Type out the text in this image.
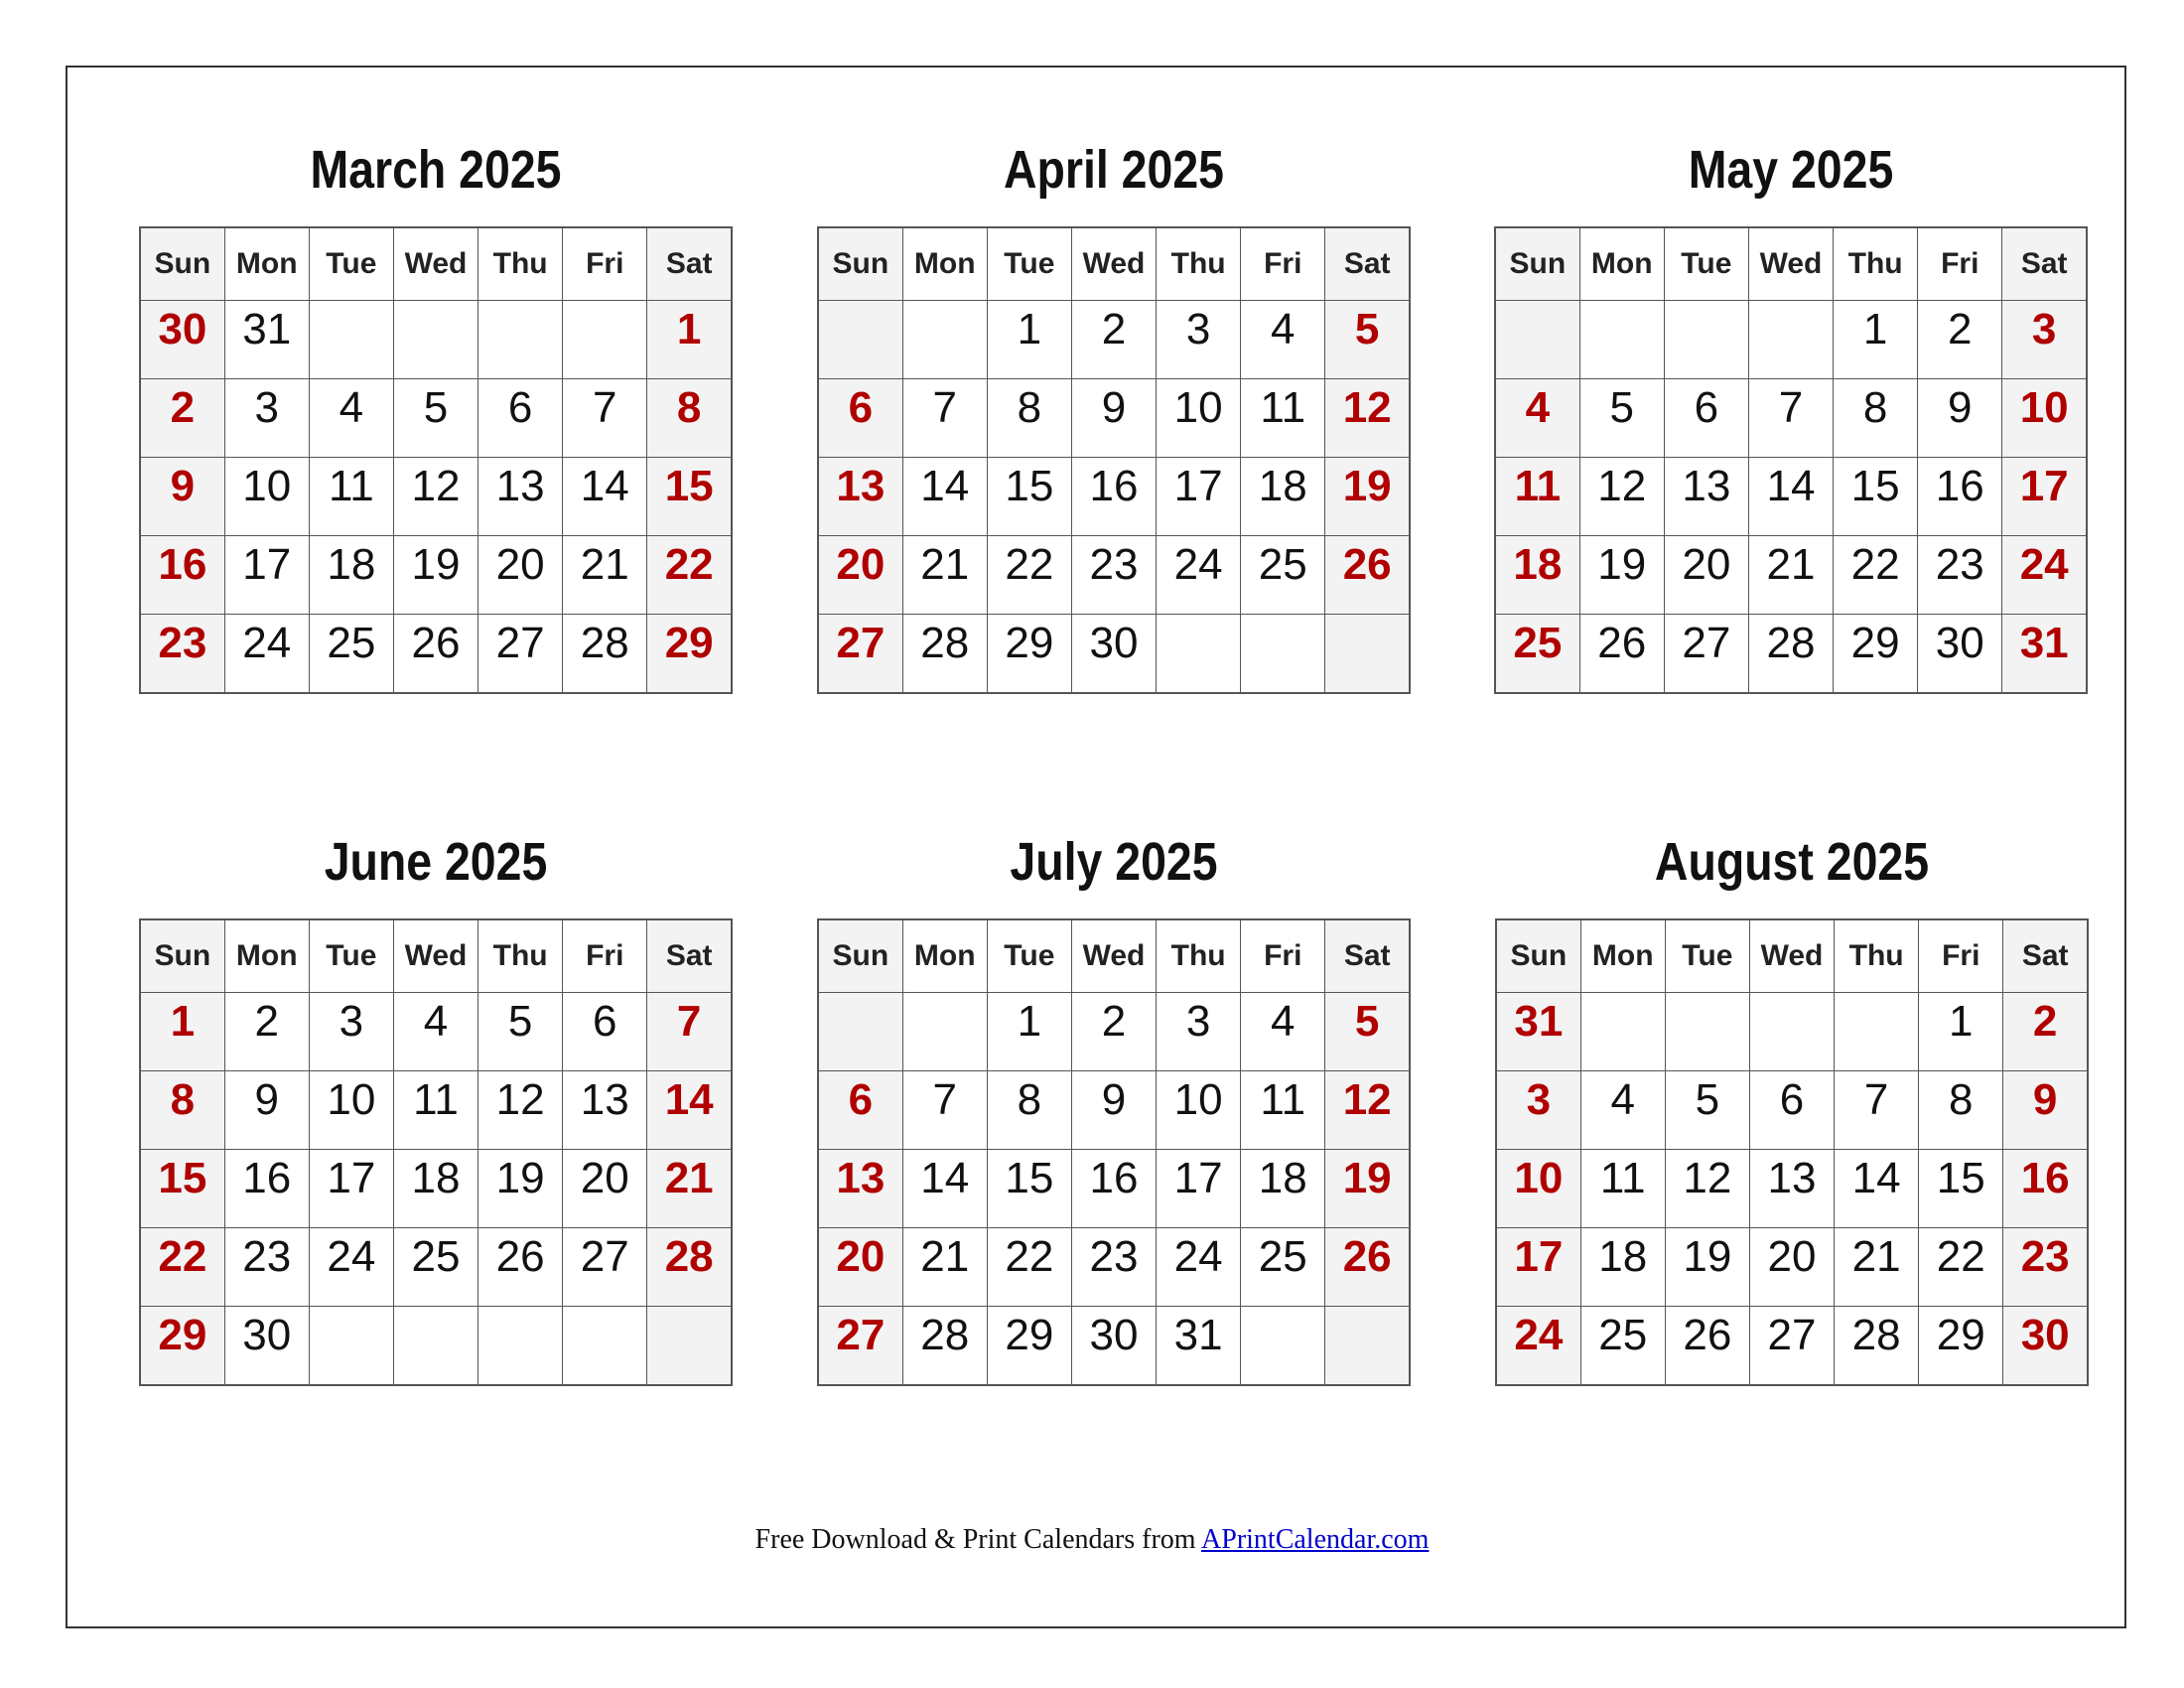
March 2025
Sun	Mon	Tue	Wed	Thu	Fri	Sat
30	31					1
2	3	4	5	6	7	8
9	10	11	12	13	14	15
16	17	18	19	20	21	22
23	24	25	26	27	28	29
April 2025
Sun	Mon	Tue	Wed	Thu	Fri	Sat
		1	2	3	4	5
6	7	8	9	10	11	12
13	14	15	16	17	18	19
20	21	22	23	24	25	26
27	28	29	30			
May 2025
Sun	Mon	Tue	Wed	Thu	Fri	Sat
				1	2	3
4	5	6	7	8	9	10
11	12	13	14	15	16	17
18	19	20	21	22	23	24
25	26	27	28	29	30	31
June 2025
Sun	Mon	Tue	Wed	Thu	Fri	Sat
1	2	3	4	5	6	7
8	9	10	11	12	13	14
15	16	17	18	19	20	21
22	23	24	25	26	27	28
29	30					
July 2025
Sun	Mon	Tue	Wed	Thu	Fri	Sat
		1	2	3	4	5
6	7	8	9	10	11	12
13	14	15	16	17	18	19
20	21	22	23	24	25	26
27	28	29	30	31		
August 2025
Sun	Mon	Tue	Wed	Thu	Fri	Sat
31					1	2
3	4	5	6	7	8	9
10	11	12	13	14	15	16
17	18	19	20	21	22	23
24	25	26	27	28	29	30
Free Download & Print Calendars from APrintCalendar.com
